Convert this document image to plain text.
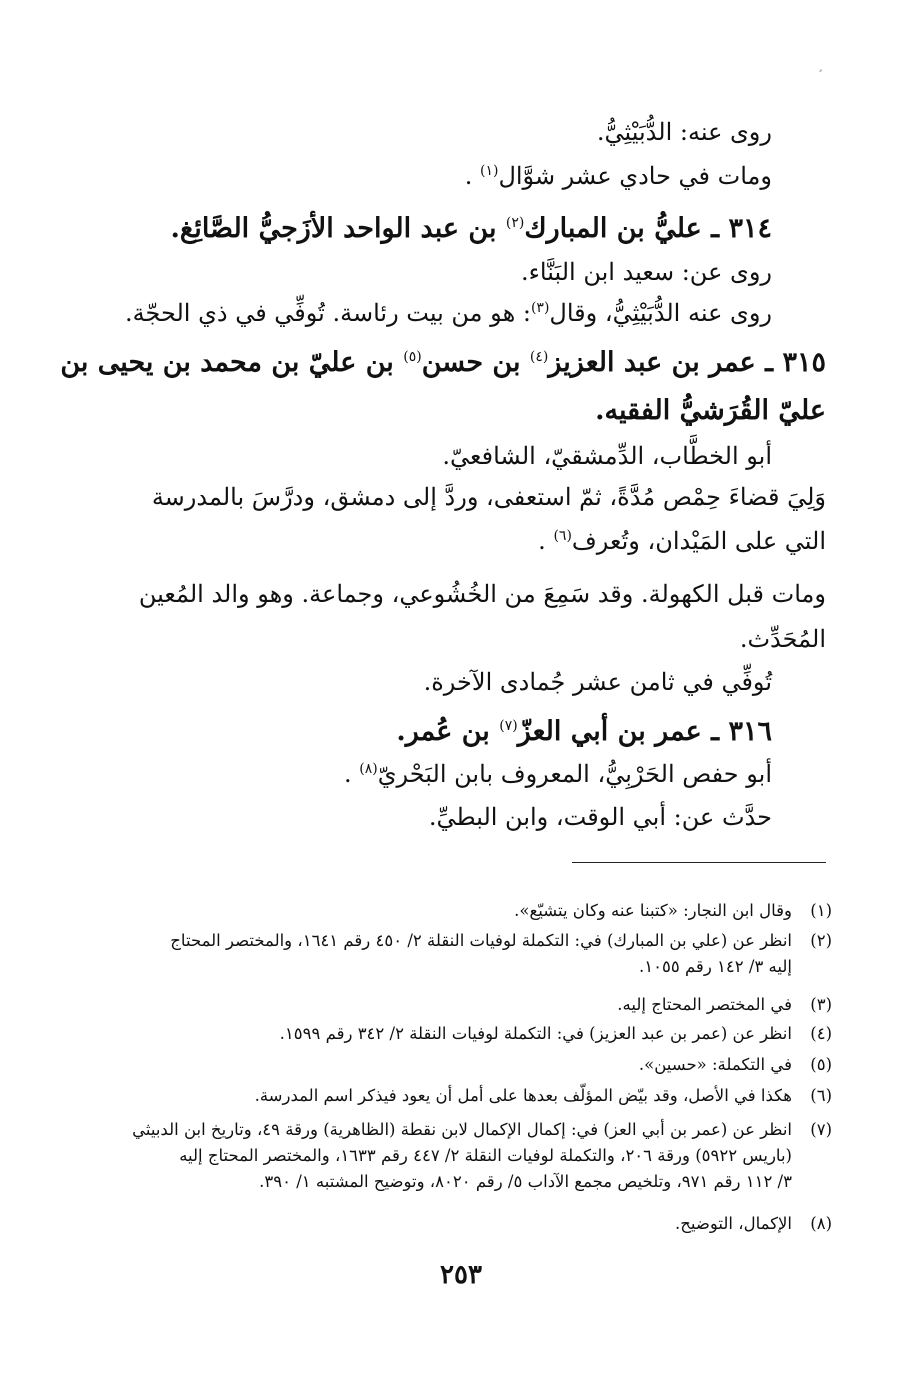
روى عنه: الدُّبَيْثِيُّ.
ومات في حادي عشر شوَّال$^{(١)}$ .
٣١٤ ـ عليُّ بن المبارك$^{(٢)}$ بن عبد الواحد الأزَجيُّ الصَّائِغ.
روى عن: سعيد ابن البَنَّاء.
روى عنه الدُّبَيْثِيُّ، وقال$^{(٣)}$: هو من بيت رئاسة. تُوفِّي في ذي الحجّة.
٣١٥ ـ عمر بن عبد العزيز$^{(٤)}$ بن حسن$^{(٥)}$ بن عليّ بن محمد بن يحيى بن
عليّ القُرَشيُّ الفقيه.
أبو الخطَّاب، الدِّمشقيّ، الشافعيّ.
وَلِيَ قضاءَ حِمْص مُدَّةً، ثمّ استعفى، وردَّ إلى دمشق، ودرَّسَ بالمدرسة
التي على المَيْدان، وتُعرف$^{(٦)}$ .
ومات قبل الكهولة. وقد سَمِعَ من الخُشُوعي، وجماعة. وهو والد المُعين
المُحَدِّث.
تُوفِّي في ثامن عشر جُمادى الآخرة.
٣١٦ ـ عمر بن أبي العزّ$^{(٧)}$ بن عُمر.
أبو حفص الحَرْبِيُّ، المعروف بابن البَحْريّ$^{(٨)}$ .
حدَّث عن: أبي الوقت، وابن البطيِّ.
(١)
وقال ابن النجار: «كتبنا عنه وكان يتشيّع».
(٢)
انظر عن (علي بن المبارك) في: التكملة لوفيات النقلة ٢/ ٤٥٠ رقم ١٦٤١، والمختصر المحتاج
إليه ٣/ ١٤٢ رقم ١٠٥٥.
(٣)
في المختصر المحتاج إليه.
(٤)
انظر عن (عمر بن عبد العزيز) في: التكملة لوفيات النقلة ٢/ ٣٤٢ رقم ١٥٩٩.
(٥)
في التكملة: «حسين».
(٦)
هكذا في الأصل، وقد بيّض المؤلّف بعدها على أمل أن يعود فيذكر اسم المدرسة.
(٧)
انظر عن (عمر بن أبي العز) في: إكمال الإكمال لابن نقطة (الظاهرية) ورقة ٤٩، وتاريخ ابن الدبيثي
(باريس ٥٩٢٢) ورقة ٢٠٦، والتكملة لوفيات النقلة ٢/ ٤٤٧ رقم ١٦٣٣، والمختصر المحتاج إليه
٣/ ١١٢ رقم ٩٧١، وتلخيص مجمع الآداب ٥/ رقم ٨٠٢٠، وتوضيح المشتبه ١/ ٣٩٠.
(٨)
الإكمال، التوضيح.
٢٥٣
